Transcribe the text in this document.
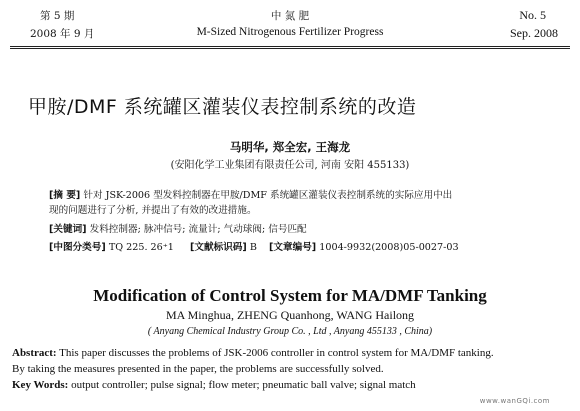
第 5 期
2008 年 9 月
中 氮 肥
M-Sized Nitrogenous Fertilizer Progress
No. 5
Sep. 2008
甲胺/DMF 系统罐区灌装仪表控制系统的改造
马明华, 郑全宏, 王海龙
(安阳化学工业集团有限责任公司, 河南 安阳 455133)
[摘 要] 针对 JSK-2006 型发料控制器在甲胺/DMF 系统罐区灌装仪表控制系统的实际应用中出
现的问题进行了分析, 并提出了有效的改进措施。
[关键词] 发料控制器; 脉冲信号; 流量计; 气动球阀; 信号匹配
[中图分类号] TQ 225. 26⁺1 [文献标识码] B [文章编号] 1004-9932(2008)05-0027-03
Modification of Control System for MA/DMF Tanking
MA Minghua, ZHENG Quanhong, WANG Hailong
( Anyang Chemical Industry Group Co. , Ltd , Anyang 455133 , China)
Abstract: This paper discusses the problems of JSK-2006 controller in control system for MA/DMF tanking.
By taking the measures presented in the paper, the problems are successfully solved.
Key Words: output controller; pulse signal; flow meter; pneumatic ball valve; signal match
www.wanGQi.com
